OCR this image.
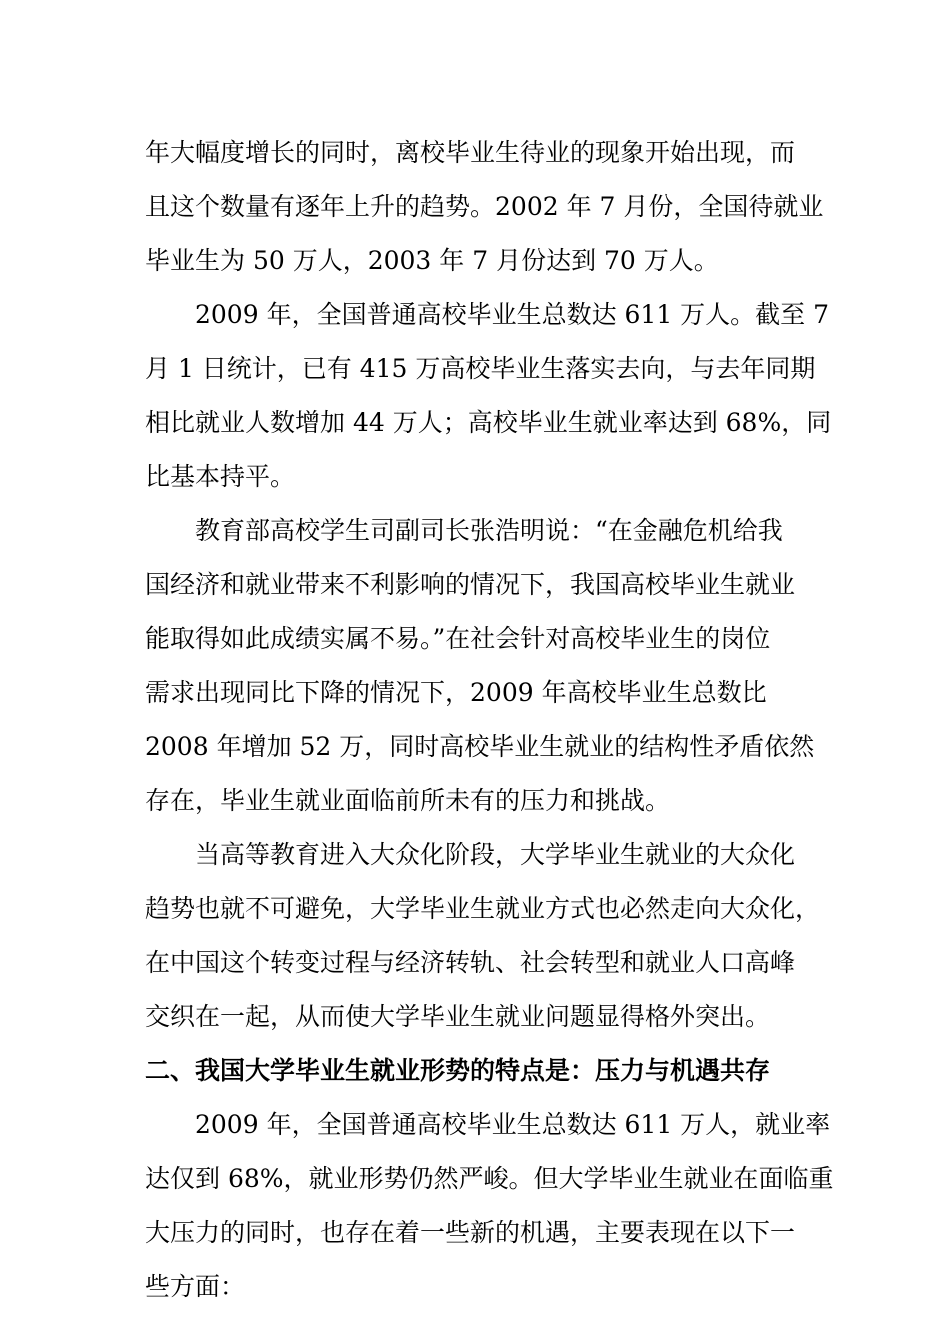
年大幅度增长的同时，离校毕业生待业的现象开始出现，而
且这个数量有逐年上升的趋势。2002 年 7 月份，全国待就业
毕业生为 50 万人，2003 年 7 月份达到 70 万人。
2009 年，全国普通高校毕业生总数达 611 万人。截至 7
月 1 日统计，已有 415 万高校毕业生落实去向，与去年同期
相比就业人数增加 44 万人；高校毕业生就业率达到 68%，同
比基本持平。
教育部高校学生司副司长张浩明说：“在金融危机给我
国经济和就业带来不利影响的情况下，我国高校毕业生就业
能取得如此成绩实属不易。”在社会针对高校毕业生的岗位
需求出现同比下降的情况下，2009 年高校毕业生总数比
2008 年增加 52 万，同时高校毕业生就业的结构性矛盾依然
存在，毕业生就业面临前所未有的压力和挑战。
当高等教育进入大众化阶段，大学毕业生就业的大众化
趋势也就不可避免，大学毕业生就业方式也必然走向大众化，
在中国这个转变过程与经济转轨、社会转型和就业人口高峰
交织在一起，从而使大学毕业生就业问题显得格外突出。
二、我国大学毕业生就业形势的特点是：压力与机遇共存
2009 年，全国普通高校毕业生总数达 611 万人，就业率
达仅到 68%，就业形势仍然严峻。但大学毕业生就业在面临重
大压力的同时，也存在着一些新的机遇，主要表现在以下一
些方面：
